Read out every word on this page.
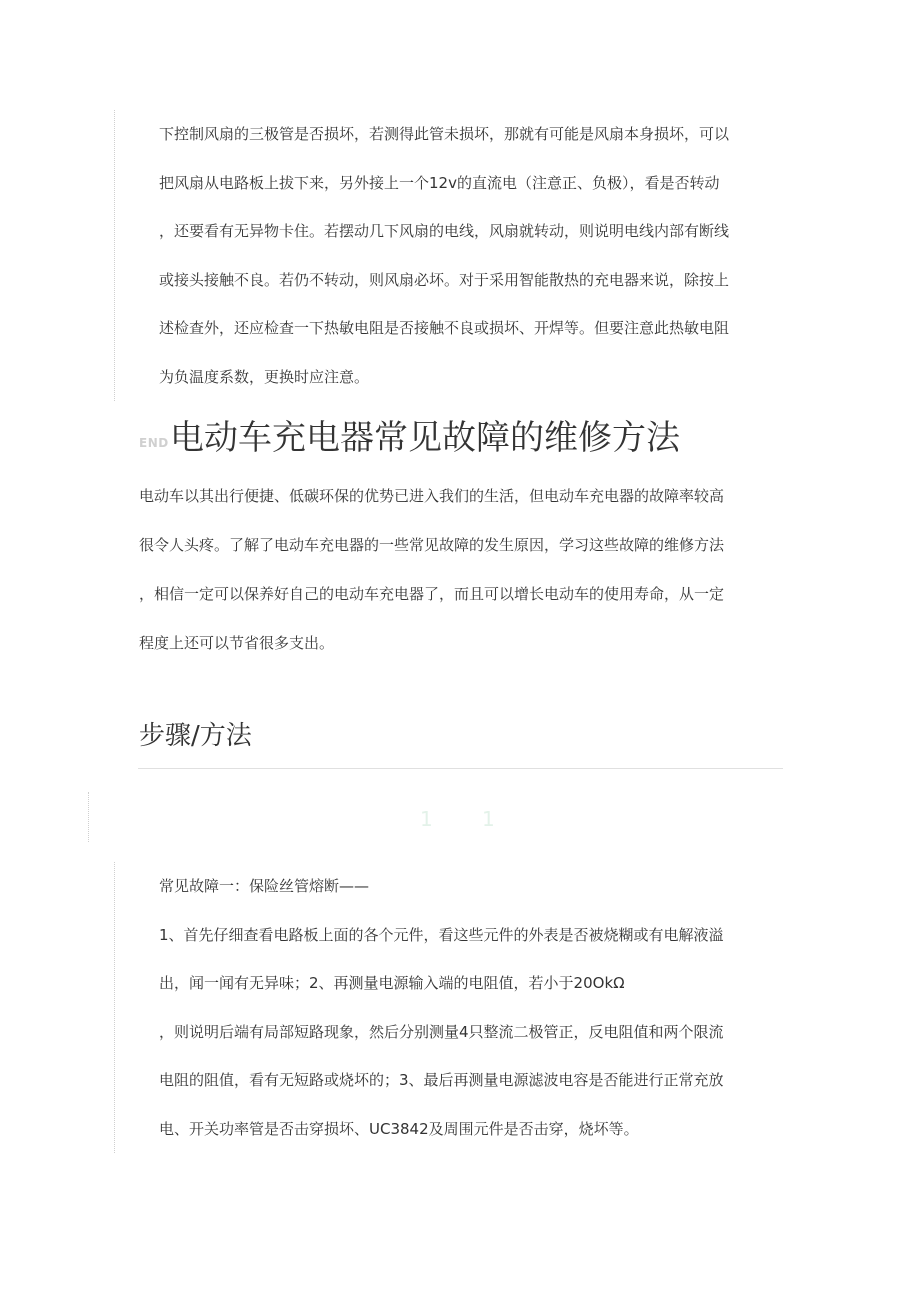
下控制风扇的三极管是否损坏，若测得此管未损坏，那就有可能是风扇本身损坏，可以
把风扇从电路板上拔下来，另外接上一个12v的直流电（注意正、负极），看是否转动
，还要看有无异物卡住。若摆动几下风扇的电线，风扇就转动，则说明电线内部有断线
或接头接触不良。若仍不转动，则风扇必坏。对于采用智能散热的充电器来说，除按上
述检查外，还应检查一下热敏电阻是否接触不良或损坏、开焊等。但要注意此热敏电阻
为负温度系数，更换时应注意。
END 电动车充电器常见故障的维修方法
电动车以其出行便捷、低碳环保的优势已进入我们的生活，但电动车充电器的故障率较高
很令人头疼。了解了电动车充电器的一些常见故障的发生原因，学习这些故障的维修方法
，相信一定可以保养好自己的电动车充电器了，而且可以增长电动车的使用寿命，从一定
程度上还可以节省很多支出。
步骤/方法
1 1
常见故障一：保险丝管熔断——
1、首先仔细查看电路板上面的各个元件，看这些元件的外表是否被烧糊或有电解液溢
出，闻一闻有无异味；2、再测量电源输入端的电阻值，若小于20OkΩ
，则说明后端有局部短路现象，然后分别测量4只整流二极管正，反电阻值和两个限流
电阻的阻值，看有无短路或烧坏的；3、最后再测量电源滤波电容是否能进行正常充放
电、开关功率管是否击穿损坏、UC3842及周围元件是否击穿，烧坏等。
